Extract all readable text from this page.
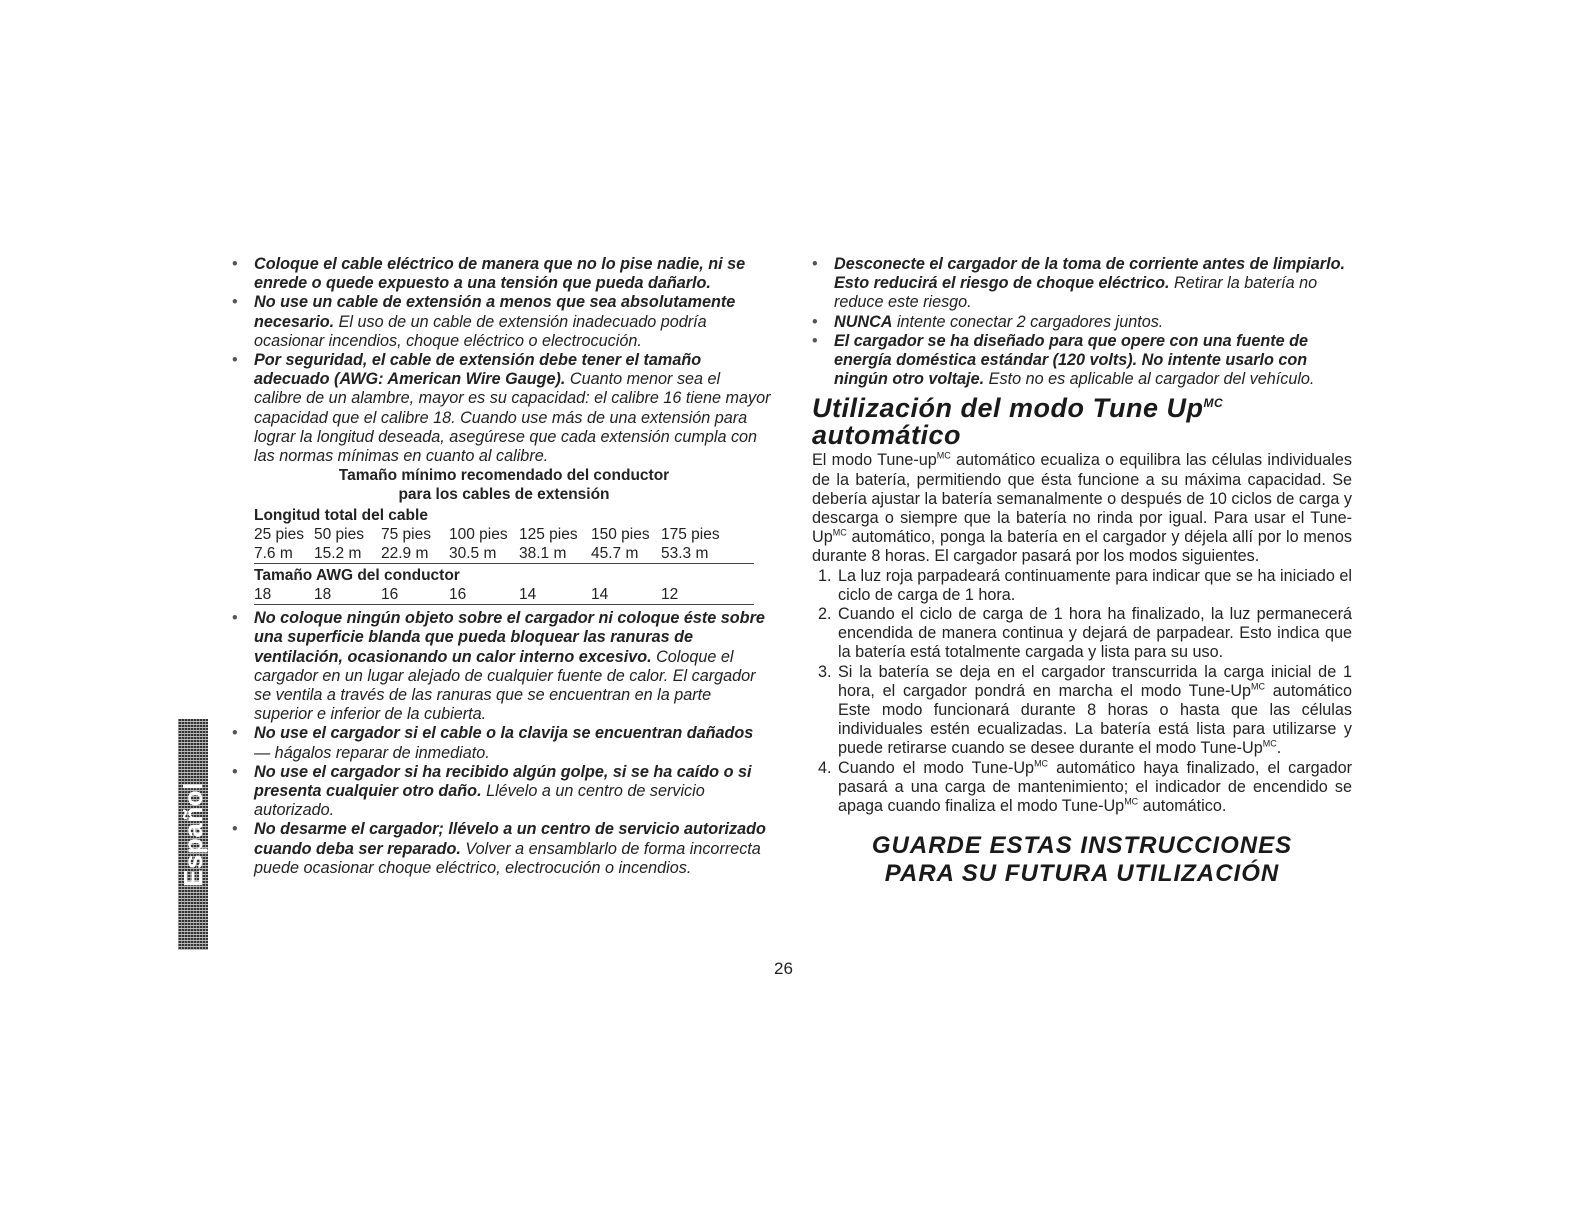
Español

• Coloque el cable eléctrico de manera que no lo pise nadie, ni se enrede o quede expuesto a una tensión que pueda dañarlo.

• No use un cable de extensión a menos que sea absolutamente necesario. El uso de un cable de extensión inadecuado podría ocasionar incendios, choque eléctrico o electrocución.

• Por seguridad, el cable de extensión debe tener el tamaño adecuado (AWG: American Wire Gauge). Cuanto menor sea el calibre de un alambre, mayor es su capacidad: el calibre 16 tiene mayor capacidad que el calibre 18. Cuando use más de una extensión para lograr la longitud deseada, asegúrese que cada extensión cumpla con las normas mínimas en cuanto al calibre.

Tamaño mínimo recomendado del conductor
para los cables de extensión
Longitud total del cable
25 pies 50 pies	75 pies	100 pies 125 pies 150 pies 175 pies
7.6 m	15.2 m	22.9 m	30.5 m	38.1 m	45.7 m	53.3 m
Tamaño AWG del conductor
18	18	16	16	14	14	12

• No coloque ningún objeto sobre el cargador ni coloque éste sobre una superficie blanda que pueda bloquear las ranuras de ventilación, ocasionando un calor interno excesivo. Coloque el cargador en un lugar alejado de cualquier fuente de calor. El cargador se ventila a través de las ranuras que se encuentran en la parte superior e inferior de la cubierta.

• No use el cargador si el cable o la clavija se encuentran dañados — hágalos reparar de inmediato.

• No use el cargador si ha recibido algún golpe, si se ha caído o si presenta cualquier otro daño. Llévelo a un centro de servicio autorizado.

• No desarme el cargador; llévelo a un centro de servicio autorizado cuando deba ser reparado. Volver a ensamblarlo de forma incorrecta puede ocasionar choque eléctrico, electrocución o incendios.

• Desconecte el cargador de la toma de corriente antes de limpiarlo. Esto reducirá el riesgo de choque eléctrico. Retirar la batería no reduce este riesgo.

• NUNCA intente conectar 2 cargadores juntos.

• El cargador se ha diseñado para que opere con una fuente de energía doméstica estándar (120 volts). No intente usarlo con ningún otro voltaje. Esto no es aplicable al cargador del vehículo.

Utilización del modo Tune $Up^{MC}$
automático

El modo Tune-$up^{MC}$ automático ecualiza o equilibra las células individuales de la batería, permitiendo que ésta funcione a su máxima capacidad. Se debería ajustar la batería semanalmente o después de 10 ciclos de carga y descarga o siempre que la batería no rinda por igual. Para usar el Tune-$Up^{MC}$ automático, ponga la batería en el cargador y déjela allí por lo menos durante 8 horas. El cargador pasará por los modos siguientes.

1. La luz roja parpadeará continuamente para indicar que se ha iniciado el ciclo de carga de 1 hora.
2. Cuando el ciclo de carga de 1 hora ha finalizado, la luz permanecerá encendida de manera continua y dejará de parpadear. Esto indica que la batería está totalmente cargada y lista para su uso.
3. Si la batería se deja en el cargador transcurrida la carga inicial de 1 hora, el cargador pondrá en marcha el modo Tune-$Up^{MC}$ automático Este modo funcionará durante 8 horas o hasta que las células individuales estén ecualizadas. La batería está lista para utilizarse y puede retirarse cuando se desee durante el modo Tune-$Up^{MC}$.
4. Cuando el modo Tune-$Up^{MC}$ automático haya finalizado, el cargador pasará a una carga de mantenimiento; el indicador de encendido se apaga cuando finaliza el modo Tune-$Up^{MC}$ automático.
GUARDE ESTAS INSTRUCCIONES
PARA SU FUTURA UTILIZACIÓN
26
